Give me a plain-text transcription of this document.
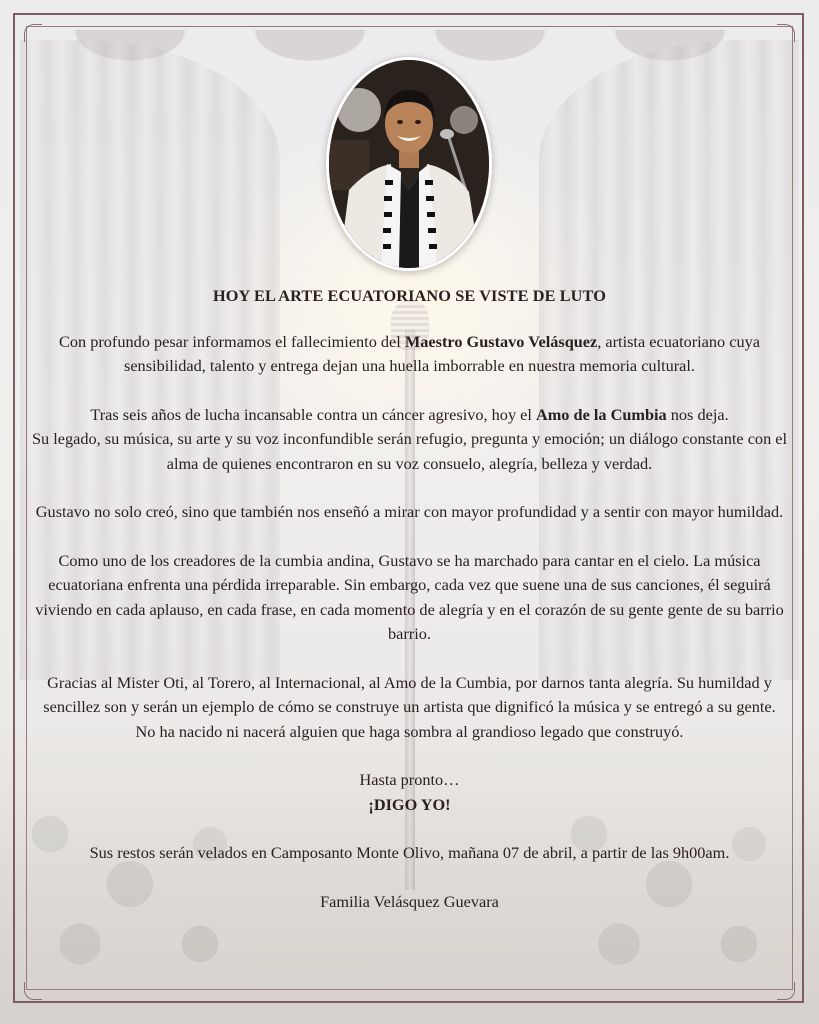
HOY EL ARTE ECUATORIANO SE VISTE DE LUTO

Con profundo pesar informamos el fallecimiento del Maestro Gustavo Velásquez, artista ecuatoriano cuya sensibilidad, talento y entrega dejan una huella imborrable en nuestra memoria cultural.

Tras seis años de lucha incansable contra un cáncer agresivo, hoy el Amo de la Cumbia nos deja.
Su legado, su música, su arte y su voz inconfundible serán refugio, pregunta y emoción; un diálogo constante con el alma de quienes encontraron en su voz consuelo, alegría, belleza y verdad.

Gustavo no solo creó, sino que también nos enseñó a mirar con mayor profundidad y a sentir con mayor humildad.

Como uno de los creadores de la cumbia andina, Gustavo se ha marchado para cantar en el cielo. La música ecuatoriana enfrenta una pérdida irreparable. Sin embargo, cada vez que suene una de sus canciones, él seguirá viviendo en cada aplauso, en cada frase, en cada momento de alegría y en el corazón de su gente gente de su barrio barrio.

Gracias al Mister Oti, al Torero, al Internacional, al Amo de la Cumbia, por darnos tanta alegría. Su humildad y sencillez son y serán un ejemplo de cómo se construye un artista que dignificó la música y se entregó a su gente.
No ha nacido ni nacerá alguien que haga sombra al grandioso legado que construyó.

Hasta pronto…

¡DIGO YO!

Sus restos serán velados en Camposanto Monte Olivo, mañana 07 de abril, a partir de las 9h00am.

Familia Velásquez Guevara
